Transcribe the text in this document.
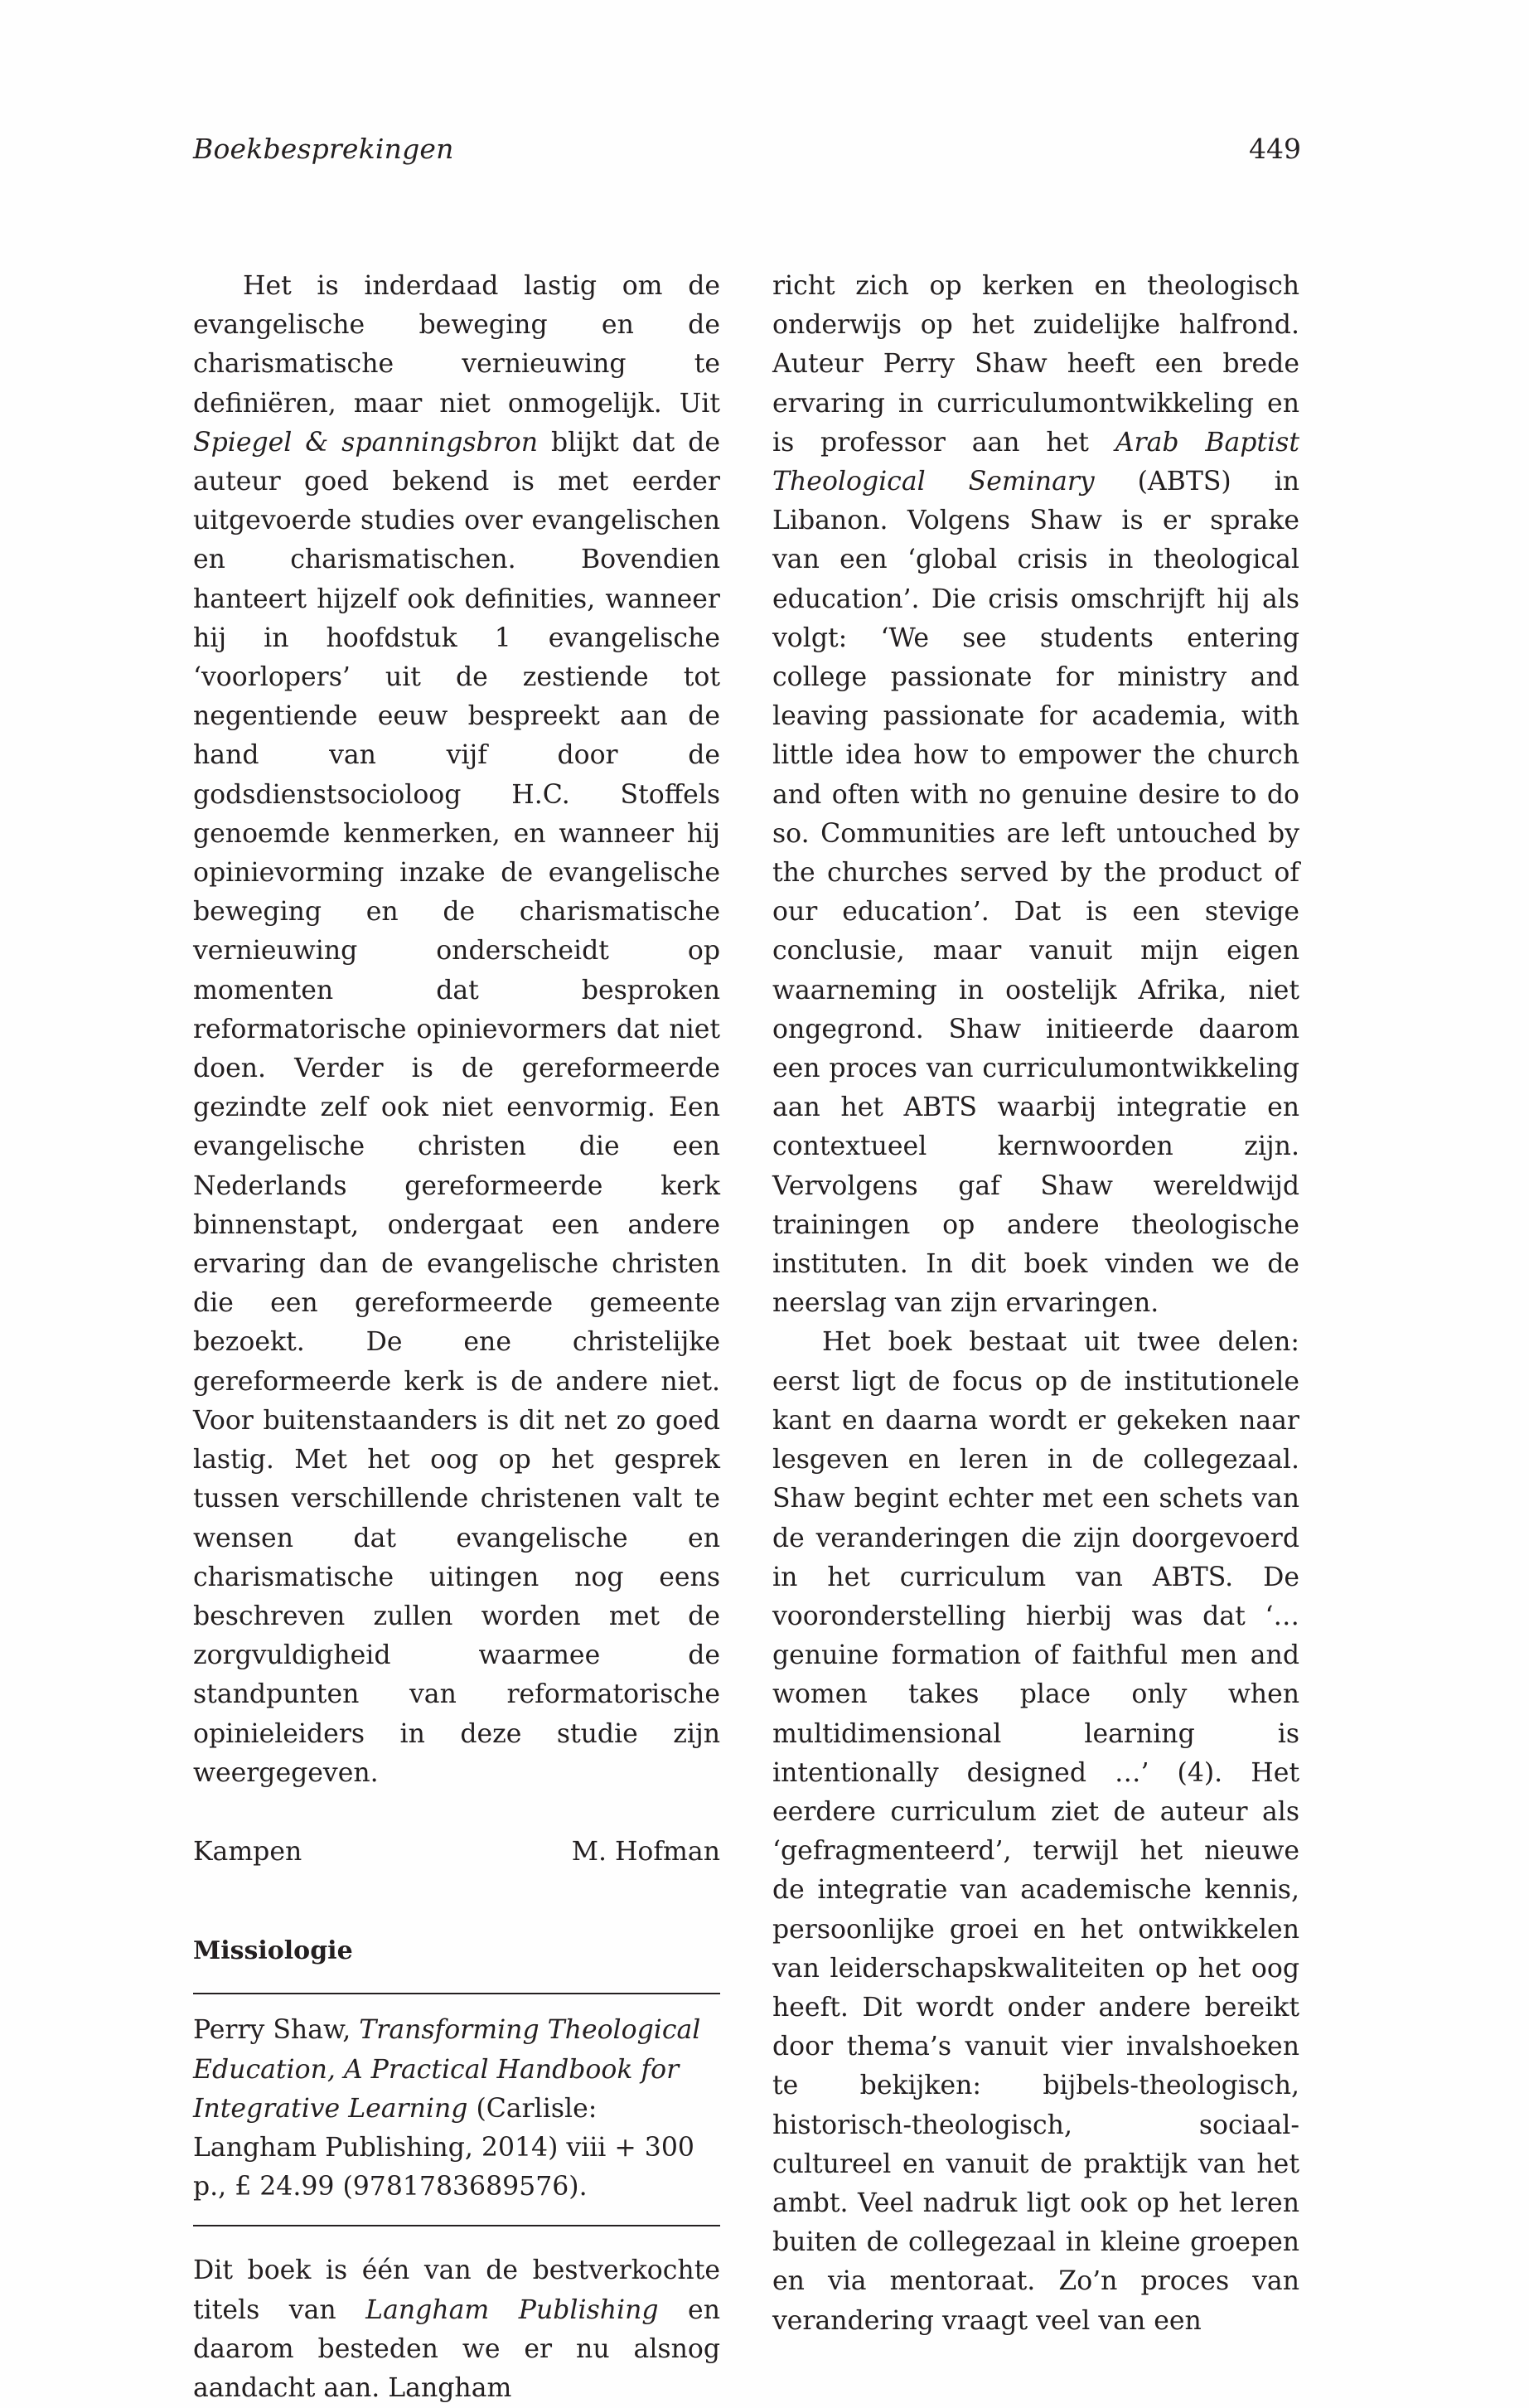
Boekbesprekingen	449

Het is inderdaad lastig om de evangelische beweging en de charismatische vernieuwing te definiëren, maar niet onmogelijk. Uit Spiegel & spanningsbron blijkt dat de auteur goed bekend is met eerder uitgevoerde studies over evangelischen en charismatischen. Bovendien hanteert hijzelf ook definities, wanneer hij in hoofdstuk 1 evangelische ‘voorlopers’ uit de zestiende tot negentiende eeuw bespreekt aan de hand van vijf door de godsdienstsocioloog H.C. Stoffels genoemde kenmerken, en wanneer hij opinievorming inzake de evangelische beweging en de charismatische vernieuwing onderscheidt op momenten dat besproken reformatorische opinievormers dat niet doen. Verder is de gereformeerde gezindte zelf ook niet eenvormig. Een evangelische christen die een Nederlands gereformeerde kerk binnenstapt, ondergaat een andere ervaring dan de evangelische christen die een gereformeerde gemeente bezoekt. De ene christelijke gereformeerde kerk is de andere niet. Voor buitenstaanders is dit net zo goed lastig. Met het oog op het gesprek tussen verschillende christenen valt te wensen dat evangelische en charismatische uitingen nog eens beschreven zullen worden met de zorgvuldigheid waarmee de standpunten van reformatorische opinieleiders in deze studie zijn weergegeven.

Kampen	M. Hofman

Missiologie

Perry Shaw, Transforming Theological Education, A Practical Handbook for Integrative Learning (Carlisle: Langham Publishing, 2014) viii + 300 p., £ 24.99 (9781783689576).

Dit boek is één van de bestverkochte titels van Langham Publishing en daarom besteden we er nu alsnog aandacht aan. Langham

richt zich op kerken en theologisch onderwijs op het zuidelijke halfrond. Auteur Perry Shaw heeft een brede ervaring in curriculumontwikkeling en is professor aan het Arab Baptist Theological Seminary (ABTS) in Libanon. Volgens Shaw is er sprake van een ‘global crisis in theological education’. Die crisis omschrijft hij als volgt: ‘We see students entering college passionate for ministry and leaving passionate for academia, with little idea how to empower the church and often with no genuine desire to do so. Communities are left untouched by the churches served by the product of our education’. Dat is een stevige conclusie, maar vanuit mijn eigen waarneming in oostelijk Afrika, niet ongegrond. Shaw initieerde daarom een proces van curriculumontwikkeling aan het ABTS waarbij integratie en contextueel kernwoorden zijn. Vervolgens gaf Shaw wereldwijd trainingen op andere theologische instituten. In dit boek vinden we de neerslag van zijn ervaringen.

Het boek bestaat uit twee delen: eerst ligt de focus op de institutionele kant en daarna wordt er gekeken naar lesgeven en leren in de collegezaal. Shaw begint echter met een schets van de veranderingen die zijn doorgevoerd in het curriculum van ABTS. De vooronderstelling hierbij was dat ‘… genuine formation of faithful men and women takes place only when multidimensional learning is intentionally designed …’ (4). Het eerdere curriculum ziet de auteur als ‘gefragmenteerd’, terwijl het nieuwe de integratie van academische kennis, persoonlijke groei en het ontwikkelen van leiderschapskwaliteiten op het oog heeft. Dit wordt onder andere bereikt door thema’s vanuit vier invalshoeken te bekijken: bijbels-theologisch, historisch-theologisch, sociaal-cultureel en vanuit de praktijk van het ambt. Veel nadruk ligt ook op het leren buiten de collegezaal in kleine groepen en via mentoraat. Zo’n proces van verandering vraagt veel van een
